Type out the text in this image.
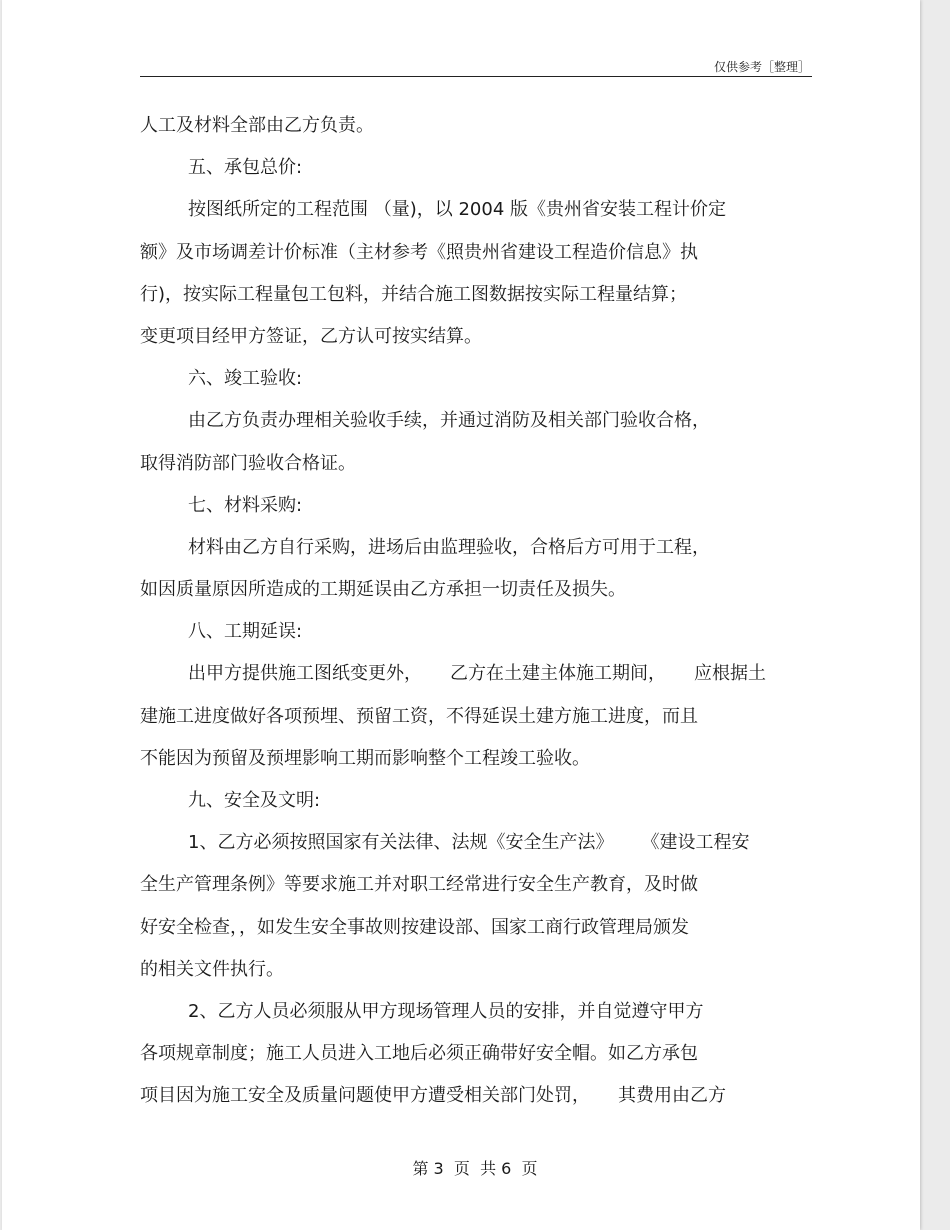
仅供参考［整理］
人工及材料全部由乙方负责。
五、承包总价:
按图纸所定的工程范围 （量)，以 2004 版《贵州省安装工程计价定
额》及市场调差计价标准（主材参考《照贵州省建设工程造价信息》执
行)，按实际工程量包工包料，并结合施工图数据按实际工程量结算；
变更项目经甲方签证，乙方认可按实结算。
六、竣工验收:
由乙方负责办理相关验收手续，并通过消防及相关部门验收合格，
取得消防部门验收合格证。
七、材料采购:
材料由乙方自行采购，进场后由监理验收，合格后方可用于工程，
如因质量原因所造成的工期延误由乙方承担一切责任及损失。
八、工期延误:
出甲方提供施工图纸变更外， 乙方在土建主体施工期间， 应根据土
建施工进度做好各项预埋、预留工资，不得延误土建方施工进度，而且
不能因为预留及预埋影响工期而影响整个工程竣工验收。
九、安全及文明:
1、乙方必须按照国家有关法律、法规《安全生产法》 《建设工程安
全生产管理条例》等要求施工并对职工经常进行安全生产教育，及时做
好安全检查，，如发生安全事故则按建设部、国家工商行政管理局颁发
的相关文件执行。
2、乙方人员必须服从甲方现场管理人员的安排，并自觉遵守甲方
各项规章制度；施工人员进入工地后必须正确带好安全帽。如乙方承包
项目因为施工安全及质量问题使甲方遭受相关部门处罚， 其费用由乙方
第 3  页  共 6  页
